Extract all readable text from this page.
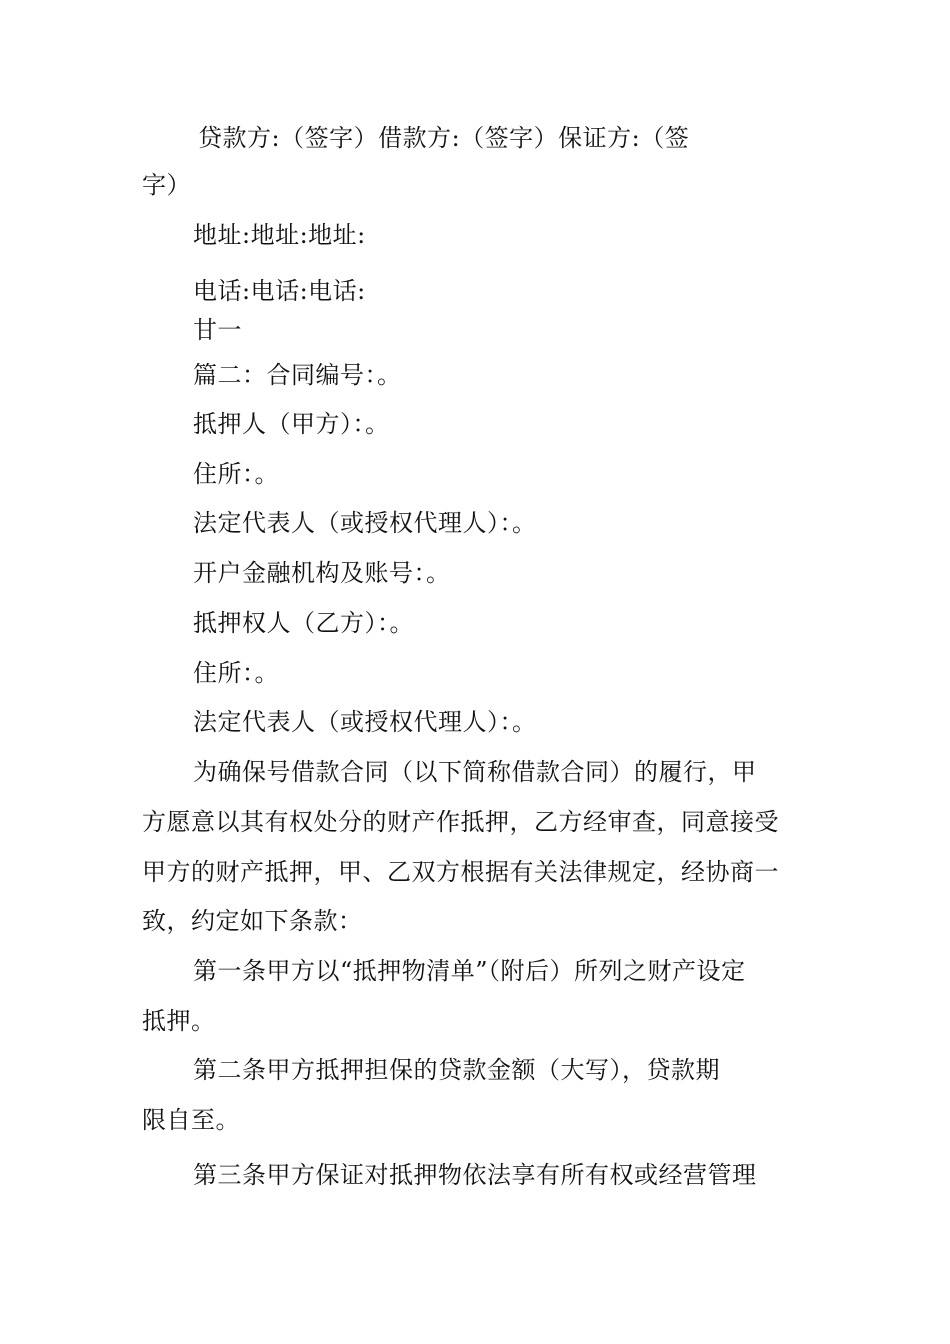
贷款方:（签字）借款方:（签字）保证方:（签
字）
地址:地址:地址:
电话:电话:电话:
甘一
篇二：合同编号：。
抵押人（甲方）：。
住所：。
法定代表人（或授权代理人）：。
开户金融机构及账号：。
抵押权人（乙方）：。
住所：。
法定代表人（或授权代理人）：。
为确保号借款合同（以下简称借款合同）的履行，甲
方愿意以其有权处分的财产作抵押，乙方经审查，同意接受
甲方的财产抵押，甲、乙双方根据有关法律规定，经协商一
致，约定如下条款：
第一条甲方以“抵押物清单”（附后）所列之财产设定
抵押。
第二条甲方抵押担保的贷款金额（大写），贷款期
限自至。
第三条甲方保证对抵押物依法享有所有权或经营管理
